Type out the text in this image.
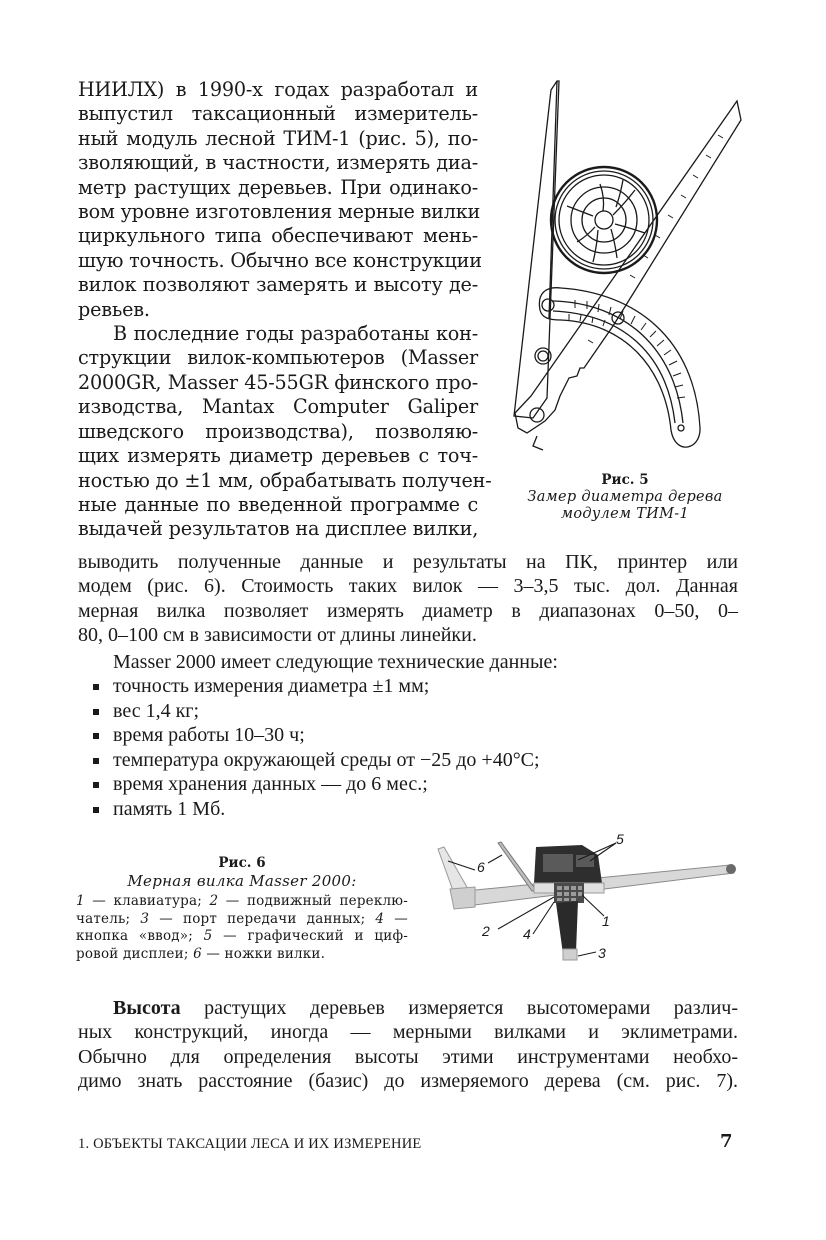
НИИЛХ) в 1990-х годах разработал и
выпустил таксационный измеритель-
ный модуль лесной ТИМ-1 (рис. 5), по-
зволяющий, в частности, измерять диа-
метр растущих деревьев. При одинако-
вом уровне изготовления мерные вилки
циркульного типа обеспечивают мень-
шую точность. Обычно все конструкции
вилок позволяют замерять и высоту де-
ревьев.

В последние годы разработаны кон-
струкции вилок-компьютеров (Masser
2000GR, Masser 45-55GR финского про-
изводства, Mantax Computer Galiper
шведского производства), позволяю-
щих измерять диаметр деревьев с точ-
ностью до ±1 мм, обрабатывать получен-
ные данные по введенной программе с
выдачей результатов на дисплее вилки,

Рис. 5
Замер диаметра дерева
модулем ТИМ-1
выводить полученные данные и результаты на ПК, принтер или
модем (рис. 6). Стоимость таких вилок — 3–3,5 тыс. дол. Данная
мерная вилка позволяет измерять диаметр в диапазонах 0–50, 0–
80, 0–100 см в зависимости от длины линейки.
Masser 2000 имеет следующие технические данные:
точность измерения диаметра ±1 мм;
вес 1,4 кг;
время работы 10–30 ч;
температура окружающей среды от −25 до +40°С;
время хранения данных — до 6 мес.;
память 1 Мб.
Рис. 6
Мерная вилка Masser 2000:
1 — клавиатура; 2 — подвижный переклю-
чатель; 3 — порт передачи данных; 4 —
кнопка «ввод»; 5 — графический и циф-
ровой дисплеи; 6 — ножки вилки.
6
5
2 4
1
3
Высота растущих деревьев измеряется высотомерами различ-
ных конструкций, иногда — мерными вилками и эклиметрами.
Обычно для определения высоты этими инструментами необхо-
димо знать расстояние (базис) до измеряемого дерева (см. рис. 7).
1. ОБЪЕКТЫ ТАКСАЦИИ ЛЕСА И ИХ ИЗМЕРЕНИЕ	7
